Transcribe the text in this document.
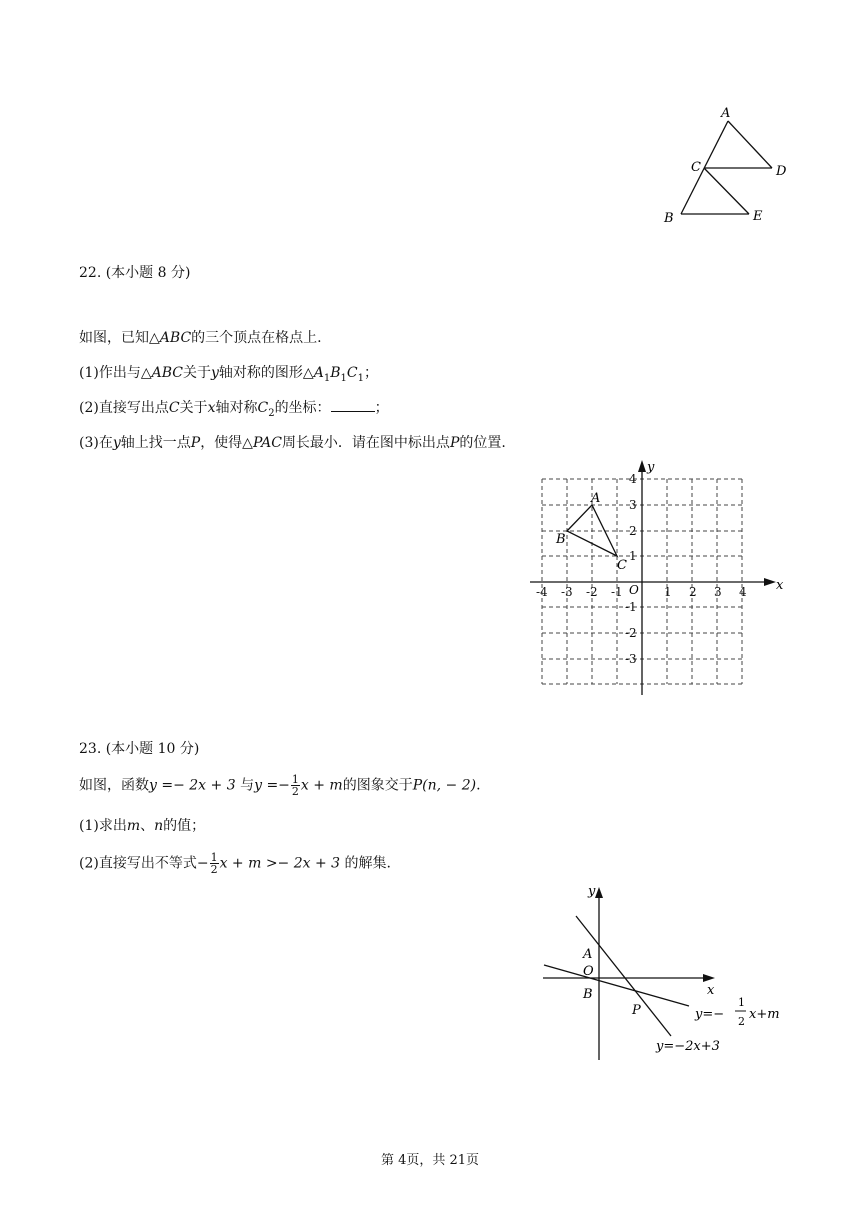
A
C	D
B	E
22. (本小题 8 分)
如图，已知△ABC的三个顶点在格点上.
(1)作出与△ABC关于y轴对称的图形$\triangle A_1B_1C_1$；
(2)直接写出点C关于x轴对称$C_2$的坐标：	；
(3)在y轴上找一点P，使得△PAC周长最小．请在图中标出点P的位置.
x
y
O
-4 -3 -2 -1	1 2 3 4
4
3
2
1
-1
-2
-3
A
B
C
23. (本小题 10 分)
如图，函数y =− 2x + 3 与$y =- \frac{1}{2}$ x + m的图象交于P(n, − 2).
(1)求出m、n的值；
(2)直接写出不等式− $\frac{1}{2}$ x + m >− 2x + 3 的解集.
y
x
A
O
B
P	y=−
1
2 x+m
y=−2x+3
第 4页，共 21页
